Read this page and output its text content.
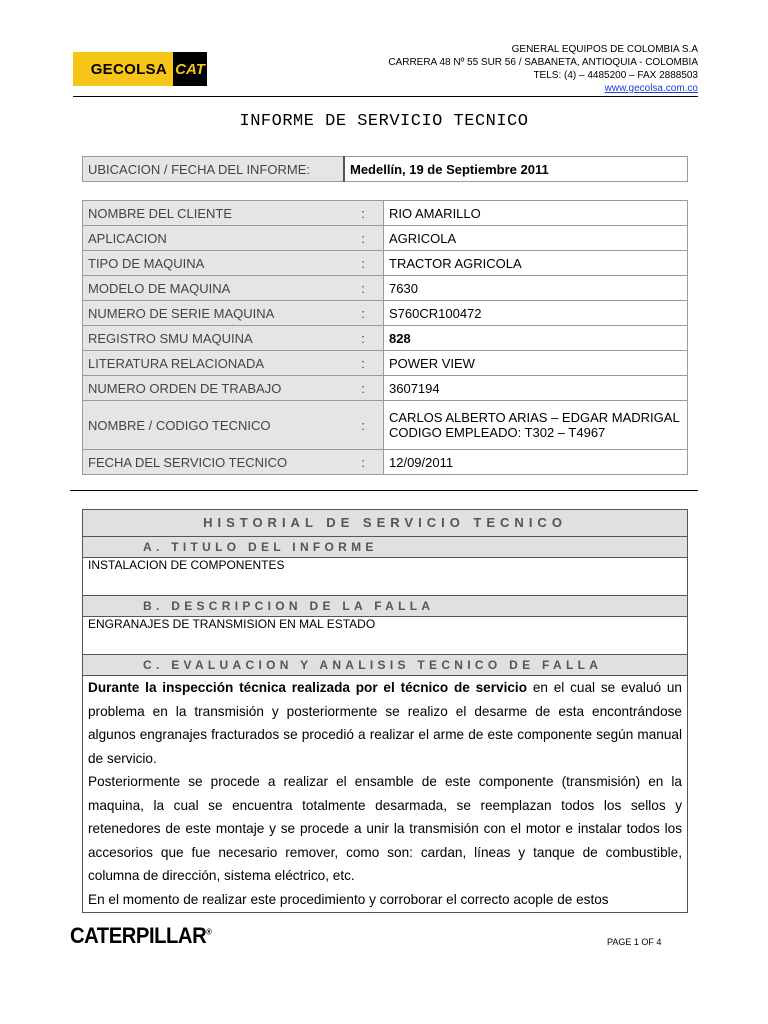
GECOLSA CAT
GENERAL EQUIPOS DE COLOMBIA S.A
CARRERA 48 Nº 55 SUR 56 / SABANETA, ANTIOQUIA - COLOMBIA
TELS: (4) – 4485200 – FAX 2888503
www.gecolsa.com.co
INFORME DE SERVICIO TECNICO
UBICACION / FECHA DEL INFORME:	Medellín, 19 de Septiembre 2011
NOMBRE DEL CLIENTE	:	RIO AMARILLO
APLICACION	:	AGRICOLA
TIPO DE MAQUINA	:	TRACTOR AGRICOLA
MODELO DE MAQUINA	:	7630
NUMERO DE SERIE MAQUINA	:	S760CR100472
REGISTRO SMU MAQUINA	:	828
LITERATURA RELACIONADA	:	POWER VIEW
NUMERO ORDEN DE TRABAJO	:	3607194
NOMBRE / CODIGO TECNICO	:	CARLOS ALBERTO ARIAS – EDGAR MADRIGAL
CODIGO EMPLEADO: T302 – T4967

FECHA DEL SERVICIO TECNICO	:	12/09/2011
HISTORIAL DE SERVICIO TECNICO
A. TITULO DEL INFORME
INSTALACION DE COMPONENTES
B. DESCRIPCION DE LA FALLA
ENGRANAJES DE TRANSMISION EN MAL ESTADO
C. EVALUACION Y ANALISIS TECNICO DE FALLA

Durante la inspección técnica realizada por el técnico de servicio en el cual se evaluó un problema en la transmisión y posteriormente se realizo el desarme de esta encontrándose algunos engranajes fracturados se procedió a realizar el arme de este componente según manual de servicio.

Posteriormente se procede a realizar el ensamble de este componente (transmisión) en la maquina, la cual se encuentra totalmente desarmada, se reemplazan todos los sellos y retenedores de este montaje y se procede a unir la transmisión con el motor e instalar todos los accesorios que fue necesario remover, como son: cardan, líneas y tanque de combustible, columna de dirección, sistema eléctrico, etc.

En el momento de realizar este procedimiento y corroborar el correcto acople de estos

CATERPILLAR®
PAGE 1 OF 4
